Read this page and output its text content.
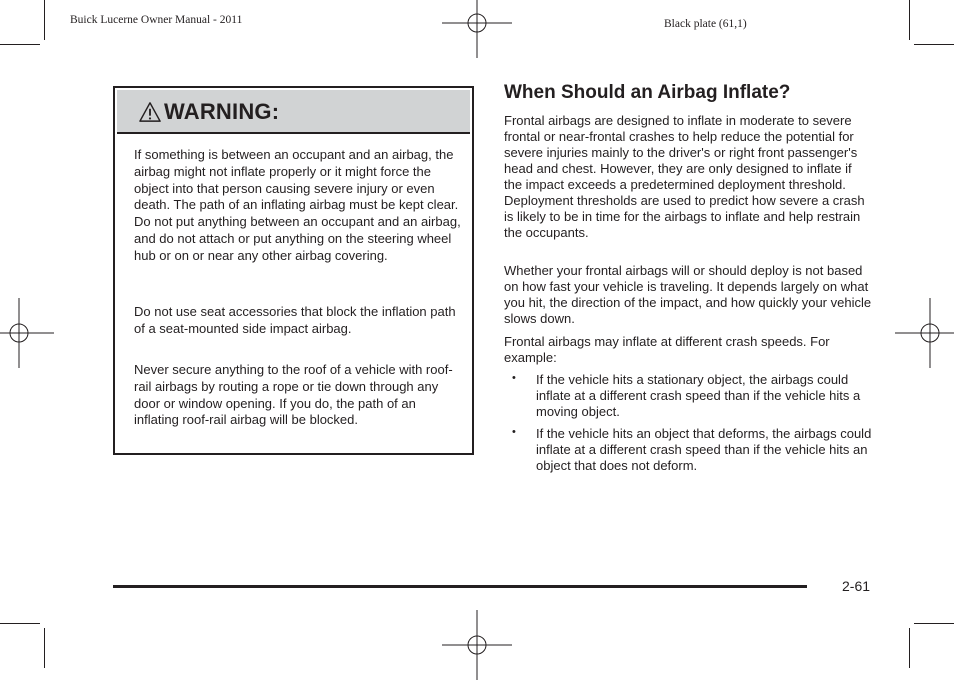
Buick Lucerne Owner Manual - 2011	Black plate (61,1)
WARNING:

If something is between an occupant and an airbag, the airbag might not inflate properly or it might force the object into that person causing severe injury or even death. The path of an inflating airbag must be kept clear. Do not put anything between an occupant and an airbag, and do not attach or put anything on the steering wheel hub or on or near any other airbag covering.

Do not use seat accessories that block the inflation path of a seat-mounted side impact airbag.

Never secure anything to the roof of a vehicle with roof-rail airbags by routing a rope or tie down through any door or window opening. If you do, the path of an inflating roof-rail airbag will be blocked.

When Should an Airbag Inflate?

Frontal airbags are designed to inflate in moderate to severe frontal or near-frontal crashes to help reduce the potential for severe injuries mainly to the driver's or right front passenger's head and chest. However, they are only designed to inflate if the impact exceeds a predetermined deployment threshold. Deployment thresholds are used to predict how severe a crash is likely to be in time for the airbags to inflate and help restrain the occupants.

Whether your frontal airbags will or should deploy is not based on how fast your vehicle is traveling. It depends largely on what you hit, the direction of the impact, and how quickly your vehicle slows down.

Frontal airbags may inflate at different crash speeds. For example:

• If the vehicle hits a stationary object, the airbags could inflate at a different crash speed than if the vehicle hits a moving object.

• If the vehicle hits an object that deforms, the airbags could inflate at a different crash speed than if the vehicle hits an object that does not deform.

2-61
